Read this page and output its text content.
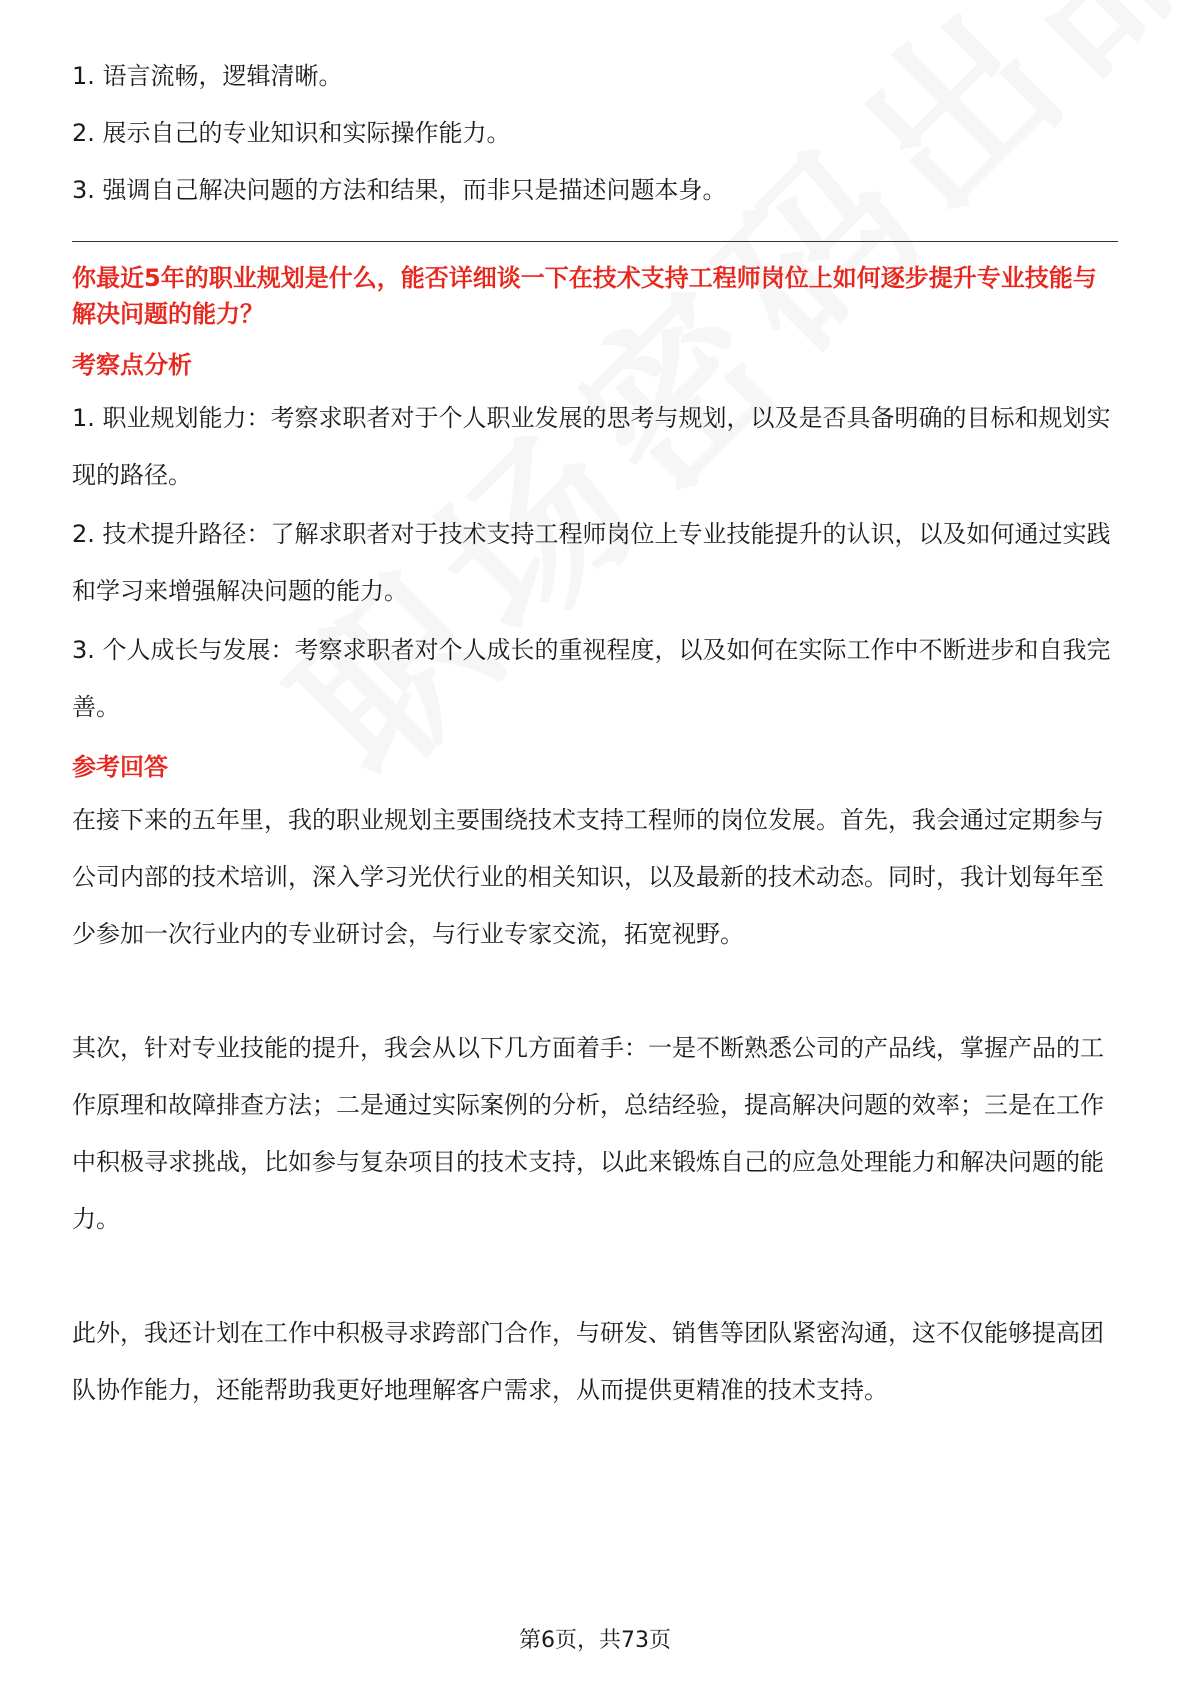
1. 语言流畅，逻辑清晰。

2. 展示自己的专业知识和实际操作能力。

3. 强调自己解决问题的方法和结果，而非只是描述问题本身。

你最近5年的职业规划是什么，能否详细谈一下在技术支持工程师岗位上如何逐步提升专业技能与解决问题的能力？

考察点分析

1. 职业规划能力：考察求职者对于个人职业发展的思考与规划，以及是否具备明确的目标和规划实现的路径。

2. 技术提升路径：了解求职者对于技术支持工程师岗位上专业技能提升的认识，以及如何通过实践和学习来增强解决问题的能力。

3. 个人成长与发展：考察求职者对个人成长的重视程度，以及如何在实际工作中不断进步和自我完善。

参考回答

在接下来的五年里，我的职业规划主要围绕技术支持工程师的岗位发展。首先，我会通过定期参与公司内部的技术培训，深入学习光伏行业的相关知识，以及最新的技术动态。同时，我计划每年至少参加一次行业内的专业研讨会，与行业专家交流，拓宽视野。

其次，针对专业技能的提升，我会从以下几方面着手：一是不断熟悉公司的产品线，掌握产品的工作原理和故障排查方法；二是通过实际案例的分析，总结经验，提高解决问题的效率；三是在工作中积极寻求挑战，比如参与复杂项目的技术支持，以此来锻炼自己的应急处理能力和解决问题的能力。

此外，我还计划在工作中积极寻求跨部门合作，与研发、销售等团队紧密沟通，这不仅能够提高团队协作能力，还能帮助我更好地理解客户需求，从而提供更精准的技术支持。

第6页，共73页
